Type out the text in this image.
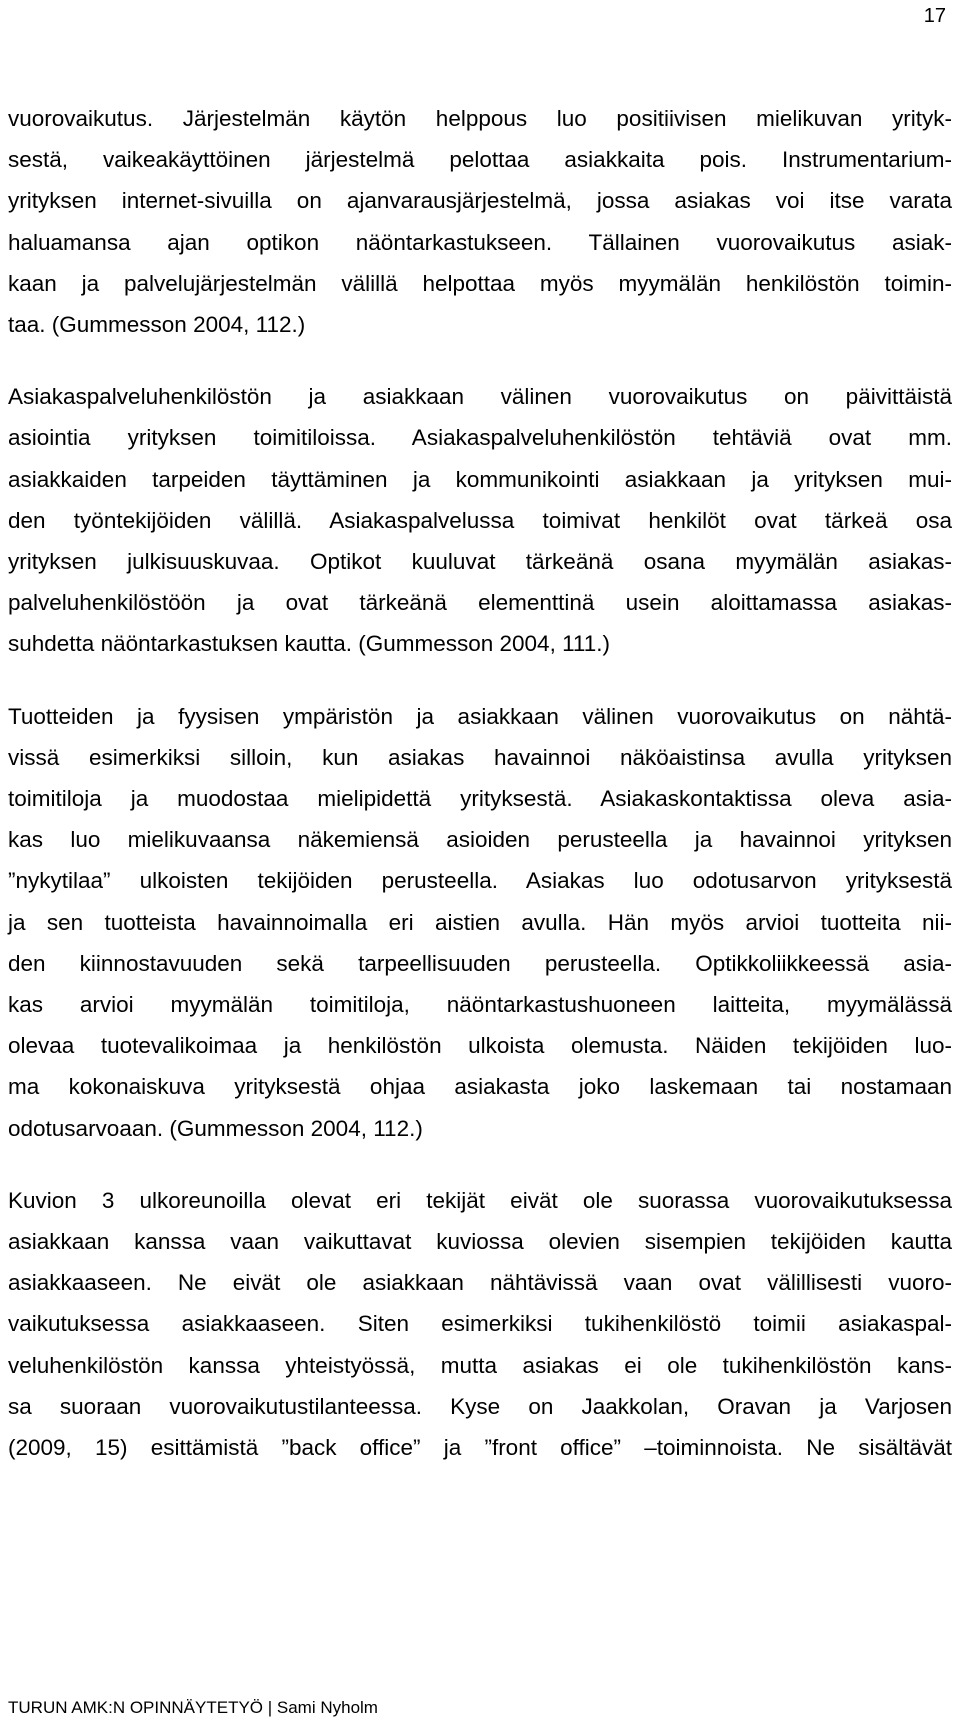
17

vuorovaikutus. Järjestelmän käytön helppous luo positiivisen mielikuvan yrityk-
sestä, vaikeakäyttöinen järjestelmä pelottaa asiakkaita pois. Instrumentarium-
yrityksen internet-sivuilla on ajanvarausjärjestelmä, jossa asiakas voi itse varata
haluamansa ajan optikon näöntarkastukseen. Tällainen vuorovaikutus asiak-
kaan ja palvelujärjestelmän välillä helpottaa myös myymälän henkilöstön toimin-
taa. (Gummesson 2004, 112.)

Asiakaspalveluhenkilöstön ja asiakkaan välinen vuorovaikutus on päivittäistä
asiointia yrityksen toimitiloissa. Asiakaspalveluhenkilöstön tehtäviä ovat mm.
asiakkaiden tarpeiden täyttäminen ja kommunikointi asiakkaan ja yrityksen mui-
den työntekijöiden välillä. Asiakaspalvelussa toimivat henkilöt ovat tärkeä osa
yrityksen julkisuuskuvaa. Optikot kuuluvat tärkeänä osana myymälän asiakas-
palveluhenkilöstöön ja ovat tärkeänä elementtinä usein aloittamassa asiakas-
suhdetta näöntarkastuksen kautta. (Gummesson 2004, 111.)

Tuotteiden ja fyysisen ympäristön ja asiakkaan välinen vuorovaikutus on nähtä-
vissä esimerkiksi silloin, kun asiakas havainnoi näköaistinsa avulla yrityksen
toimitiloja ja muodostaa mielipidettä yrityksestä. Asiakaskontaktissa oleva asia-
kas luo mielikuvaansa näkemiensä asioiden perusteella ja havainnoi yrityksen
”nykytilaa” ulkoisten tekijöiden perusteella. Asiakas luo odotusarvon yrityksestä
ja sen tuotteista havainnoimalla eri aistien avulla. Hän myös arvioi tuotteita nii-
den kiinnostavuuden sekä tarpeellisuuden perusteella. Optikkoliikkeessä asia-
kas arvioi myymälän toimitiloja, näöntarkastushuoneen laitteita, myymälässä
olevaa tuotevalikoimaa ja henkilöstön ulkoista olemusta. Näiden tekijöiden luo-
ma kokonaiskuva yrityksestä ohjaa asiakasta joko laskemaan tai nostamaan
odotusarvoaan. (Gummesson 2004, 112.)

Kuvion 3 ulkoreunoilla olevat eri tekijät eivät ole suorassa vuorovaikutuksessa
asiakkaan kanssa vaan vaikuttavat kuviossa olevien sisempien tekijöiden kautta
asiakkaaseen. Ne eivät ole asiakkaan nähtävissä vaan ovat välillisesti vuoro-
vaikutuksessa asiakkaaseen. Siten esimerkiksi tukihenkilöstö toimii asiakaspal-
veluhenkilöstön kanssa yhteistyössä, mutta asiakas ei ole tukihenkilöstön kans-
sa suoraan vuorovaikutustilanteessa. Kyse on Jaakkolan, Oravan ja Varjosen
(2009, 15) esittämistä ”back office” ja ”front office” –toiminnoista. Ne sisältävät

TURUN AMK:N OPINNÄYTETYÖ | Sami Nyholm
